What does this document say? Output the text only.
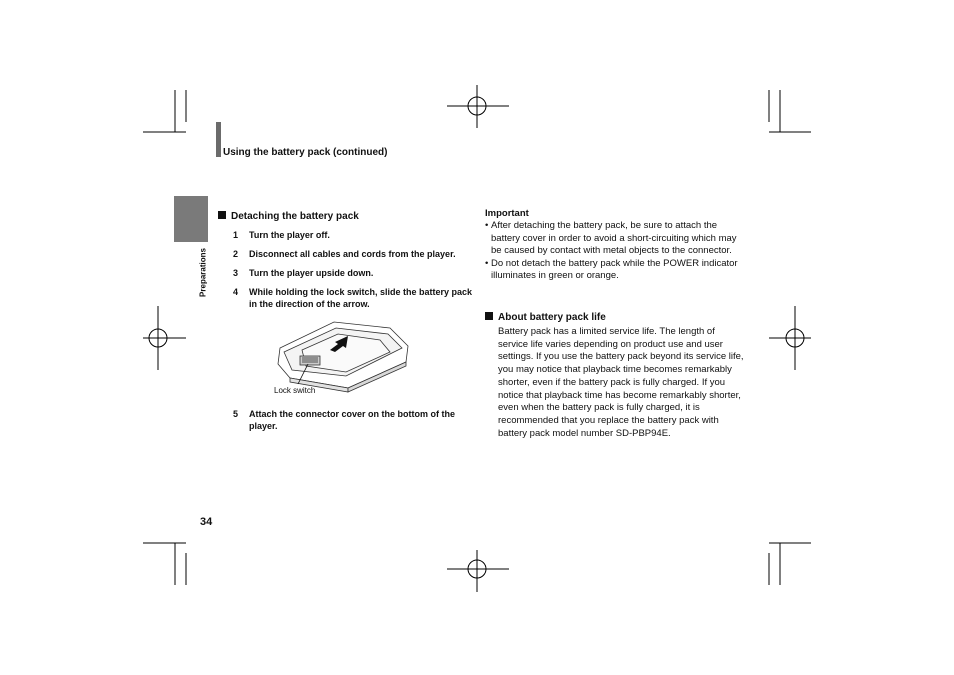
Using the battery pack (continued)
Preparations
Detaching the battery pack
1 Turn the player off.
2 Disconnect all cables and cords from the player.
3 Turn the player upside down.
4 While holding the lock switch, slide the battery pack in the direction of the arrow.
Lock switch
5 Attach the connector cover on the bottom of the player.
Important
• After detaching the battery pack, be sure to attach the battery cover in order to avoid a short-circuiting which may be caused by contact with metal objects to the connector.
• Do not detach the battery pack while the POWER indicator illuminates in green or orange.
About battery pack life
Battery pack has a limited service life. The length of service life varies depending on product use and user settings. If you use the battery pack beyond its service life, you may notice that playback time becomes remarkably shorter, even if the battery pack is fully charged. If you notice that playback time has become remarkably shorter, even when the battery pack is fully charged, it is recommended that you replace the battery pack with battery pack model number SD-PBP94E.
34
